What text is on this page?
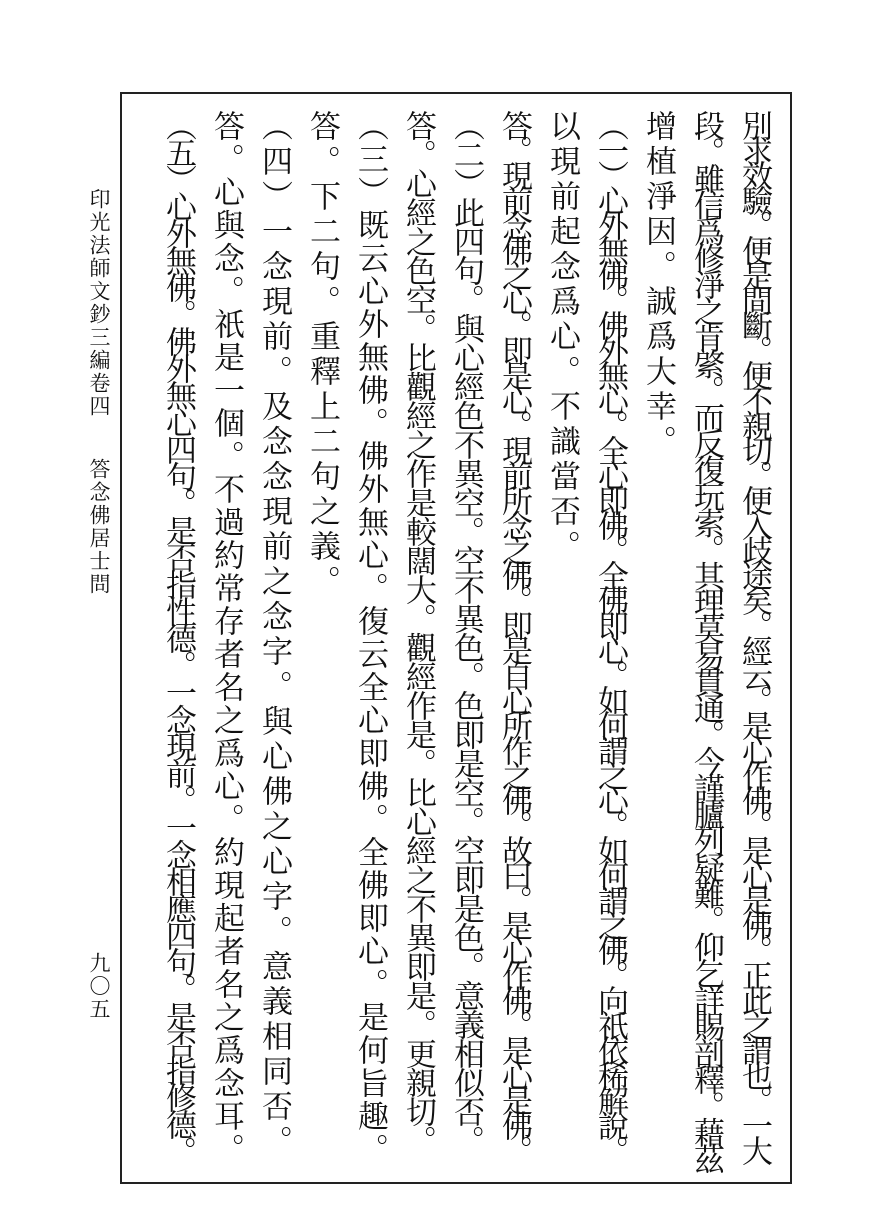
印光法師文鈔三編卷四
答念佛居士問
九〇五	別求效驗。便是間斷。便不親切。便入歧途矣。經云。是心作佛。是心是佛。正此之謂也。一大
段。雖信爲修淨之肯綮。而反復玩索。其理莫易貫通。今謹臚列疑難。仰乞詳賜剖釋。藉茲
增植淨因。誠爲大幸。
（一）心外無佛。佛外無心。全心即佛。全佛即心。如何謂之心。如何謂之佛。向祇依稀解說。
以現前起念爲心。不識當否。
答。現前念佛之心。即是心。現前所念之佛。即是自心所作之佛。故曰。是心作佛。是心是佛。
（二）此四句。與心經色不異空。空不異色。色即是空。空即是色。意義相似否。
答。心經之色空。比觀經之作是較闊大。觀經作是。比心經之不異即是。更親切。
（三）既云心外無佛。佛外無心。復云全心即佛。全佛即心。是何旨趣。
答。下二句。重釋上二句之義。
（四）一念現前。及念念現前之念字。與心佛之心字。意義相同否。
答。心與念。祇是一個。不過約常存者名之爲心。約現起者名之爲念耳。
（五）心外無佛。佛外無心四句。是否指性德。一念現前。一念相應四句。是否指修德。
